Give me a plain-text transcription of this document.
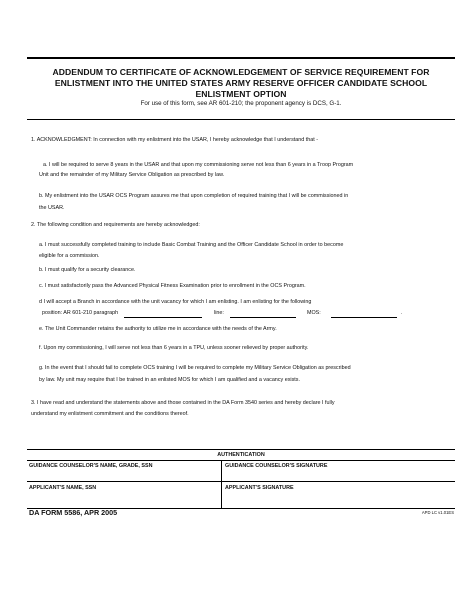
ADDENDUM TO CERTIFICATE OF ACKNOWLEDGEMENT OF SERVICE REQUIREMENT FOR
ENLISTMENT INTO THE UNITED STATES ARMY RESERVE OFFICER CANDIDATE SCHOOL
ENLISTMENT OPTION
For use of this form, see AR 601-210; the proponent agency is DCS, G-1.
1. ACKNOWLEDGMENT: In connection with my enlistment into the USAR, I hereby acknowledge that I understand that -
a. I will be required to serve 8 years in the USAR and that upon my commissioning serve not less than 6 years in a Troop Program
Unit and the remainder of my Military Service Obligation as prescribed by law.
b. My enlistment into the USAR OCS Program assures me that upon completion of required training that I will be commissioned in
the USAR.
2. The following condition and requirements are hereby acknowledged:
a. I must successfully completed training to include Basic Combat Training and the Officer Candidate School in order to become
eligible for a commission.
b. I must qualify for a security clearance.
c. I must satisfactorily pass the Advanced Physical Fitness Examination prior to enrollment in the OCS Program.
d I will accept a Branch in accordance with the unit vacancy for which I am enlisting. I am enlisting for the following
position: AR 601-210 paragraph	line:	MOS:	.
e. The Unit Commander retains the authority to utilize me in accordance with the needs of the Army.
f. Upon my commissioning, I will serve not less than 6 years in a TPU, unless sooner relieved by proper authority.
g. In the event that I should fail to complete OCS training I will be required to complete my Military Service Obligation as prescribed
by law. My unit may require that I be trained in an enlisted MOS for which I am qualified and a vacancy exists.
3. I have read and understand the statements above and those contained in the DA Form 3540 series and hereby declare I fully
understand my enlistment commitment and the conditions thereof.
AUTHENTICATION
GUIDANCE COUNSELOR'S NAME, GRADE, SSN	GUIDANCE COUNSELOR'S SIGNATURE
APPLICANT'S NAME, SSN	APPLICANT'S SIGNATURE
DA FORM 5586, APR 2005	APD LC v1.01ES
